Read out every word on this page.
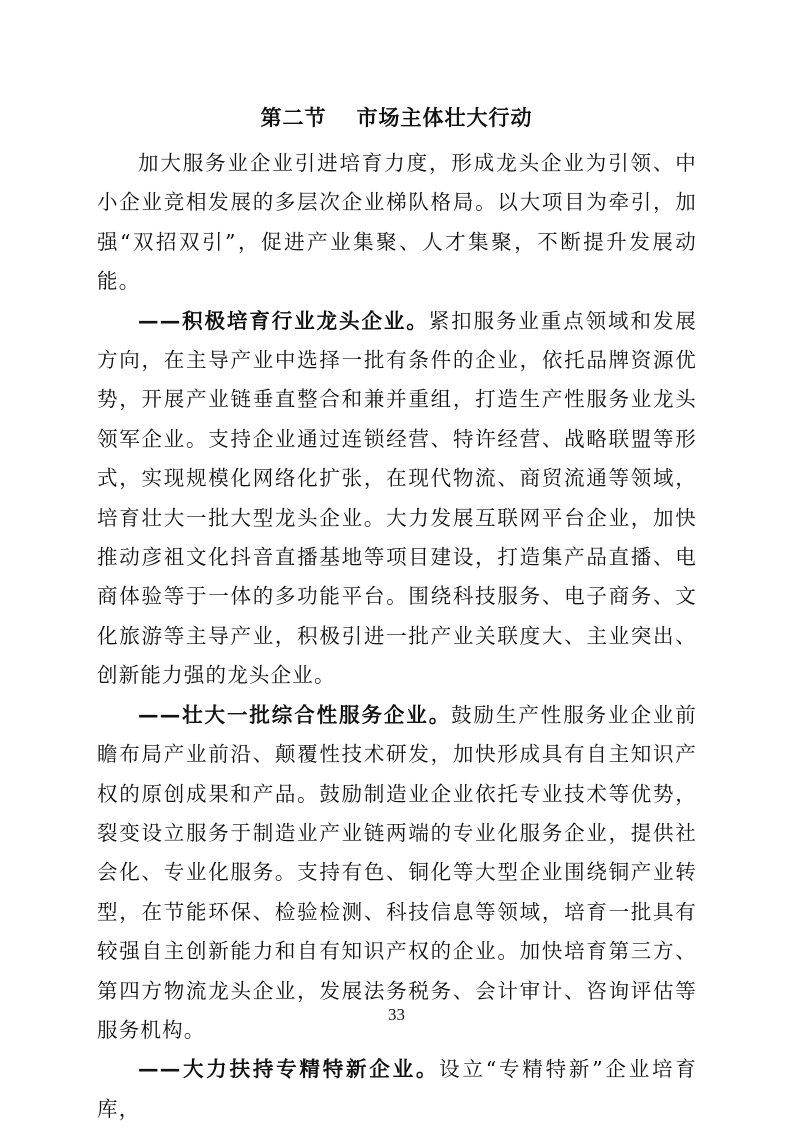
第二节 市场主体壮大行动

加大服务业企业引进培育力度，形成龙头企业为引领、中小企业竞相发展的多层次企业梯队格局。以大项目为牵引，加强“双招双引”，促进产业集聚、人才集聚，不断提升发展动能。

——积极培育行业龙头企业。紧扣服务业重点领域和发展方向，在主导产业中选择一批有条件的企业，依托品牌资源优势，开展产业链垂直整合和兼并重组，打造生产性服务业龙头领军企业。支持企业通过连锁经营、特许经营、战略联盟等形式，实现规模化网络化扩张，在现代物流、商贸流通等领域，培育壮大一批大型龙头企业。大力发展互联网平台企业，加快推动彦祖文化抖音直播基地等项目建设，打造集产品直播、电商体验等于一体的多功能平台。围绕科技服务、电子商务、文化旅游等主导产业，积极引进一批产业关联度大、主业突出、创新能力强的龙头企业。

——壮大一批综合性服务企业。鼓励生产性服务业企业前瞻布局产业前沿、颠覆性技术研发，加快形成具有自主知识产权的原创成果和产品。鼓励制造业企业依托专业技术等优势，裂变设立服务于制造业产业链两端的专业化服务企业，提供社会化、专业化服务。支持有色、铜化等大型企业围绕铜产业转型，在节能环保、检验检测、科技信息等领域，培育一批具有较强自主创新能力和自有知识产权的企业。加快培育第三方、第四方物流龙头企业，发展法务税务、会计审计、咨询评估等服务机构。

——大力扶持专精特新企业。设立“专精特新”企业培育库，

33
